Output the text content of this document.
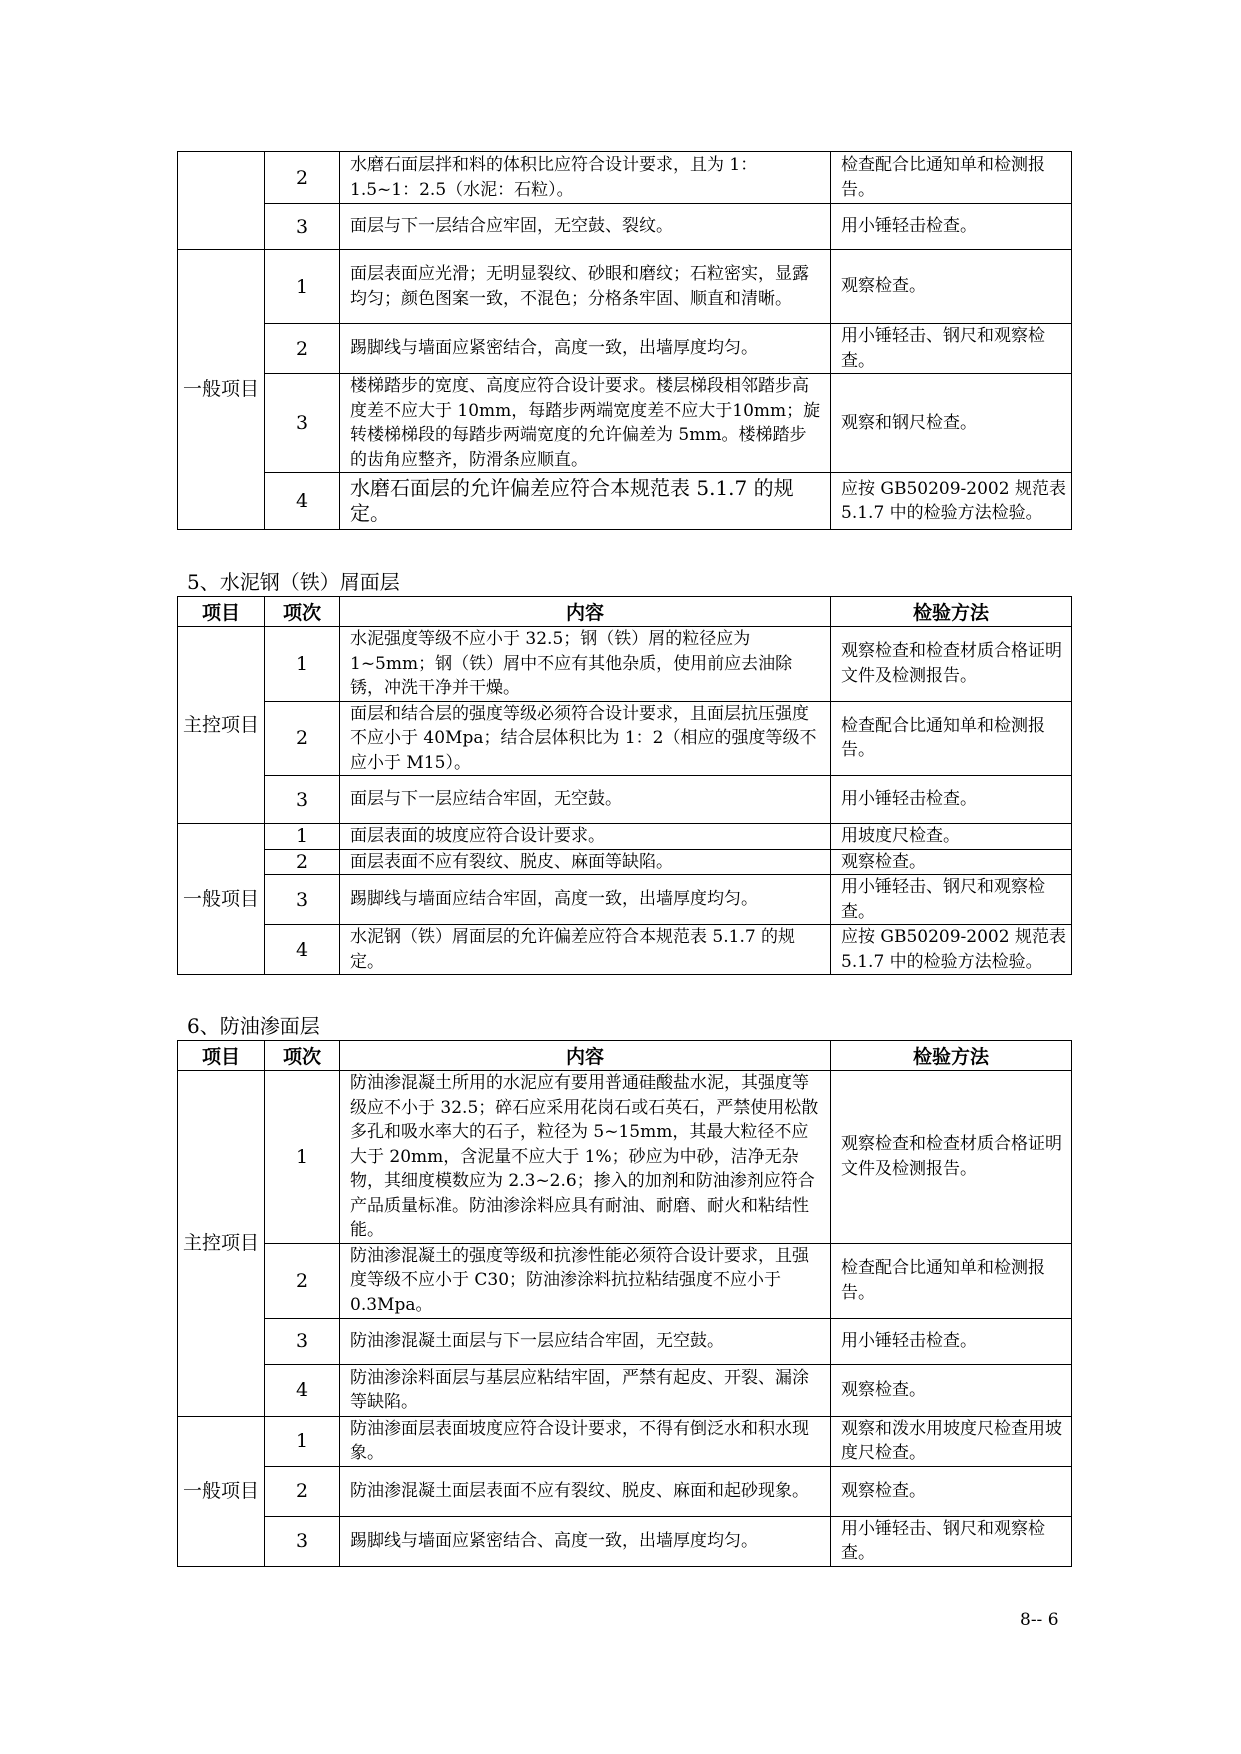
	2	水磨石面层拌和料的体积比应符合设计要求，且为 1：1.5~1：2.5（水泥：石粒）。	检查配合比通知单和检测报告。
	3	面层与下一层结合应牢固，无空鼓、裂纹。	用小锤轻击检查。
一般项目	1	面层表面应光滑；无明显裂纹、砂眼和磨纹；石粒密实，显露均匀；颜色图案一致，不混色；分格条牢固、顺直和清晰。	观察检查。
	2	踢脚线与墙面应紧密结合，高度一致，出墙厚度均匀。	用小锤轻击、钢尺和观察检查。
	3	楼梯踏步的宽度、高度应符合设计要求。楼层梯段相邻踏步高度差不应大于 10mm，每踏步两端宽度差不应大于10mm；旋转楼梯梯段的每踏步两端宽度的允许偏差为 5mm。楼梯踏步的齿角应整齐，防滑条应顺直。	观察和钢尺检查。
	4	水磨石面层的允许偏差应符合本规范表 5.1.7 的规定。	应按 GB50209-2002 规范表 5.1.7 中的检验方法检验。
5、水泥钢（铁）屑面层
项目	项次	内容	检验方法
主控项目	1	水泥强度等级不应小于 32.5；钢（铁）屑的粒径应为1~5mm；钢（铁）屑中不应有其他杂质，使用前应去油除锈，冲洗干净并干燥。	观察检查和检查材质合格证明文件及检测报告。
	2	面层和结合层的强度等级必须符合设计要求，且面层抗压强度不应小于 40Mpa；结合层体积比为 1：2（相应的强度等级不应小于 M15）。	检查配合比通知单和检测报告。
	3	面层与下一层应结合牢固，无空鼓。	用小锤轻击检查。
一般项目	1	面层表面的坡度应符合设计要求。	用坡度尺检查。
	2	面层表面不应有裂纹、脱皮、麻面等缺陷。	观察检查。
	3	踢脚线与墙面应结合牢固，高度一致，出墙厚度均匀。	用小锤轻击、钢尺和观察检查。
	4	水泥钢（铁）屑面层的允许偏差应符合本规范表 5.1.7 的规定。	应按 GB50209-2002 规范表 5.1.7 中的检验方法检验。
6、防油渗面层
项目	项次	内容	检验方法
主控项目	1	防油渗混凝土所用的水泥应有要用普通硅酸盐水泥，其强度等级应不小于 32.5；碎石应采用花岗石或石英石，严禁使用松散多孔和吸水率大的石子，粒径为 5~15mm，其最大粒径不应大于 20mm，含泥量不应大于 1%；砂应为中砂，洁净无杂物，其细度模数应为 2.3~2.6；掺入的加剂和防油渗剂应符合产品质量标准。防油渗涂料应具有耐油、耐磨、耐火和粘结性能。	观察检查和检查材质合格证明文件及检测报告。
	2	防油渗混凝土的强度等级和抗渗性能必须符合设计要求，且强度等级不应小于 C30；防油渗涂料抗拉粘结强度不应小于 0.3Mpa。	检查配合比通知单和检测报告。
	3	防油渗混凝土面层与下一层应结合牢固，无空鼓。	用小锤轻击检查。
	4	防油渗涂料面层与基层应粘结牢固，严禁有起皮、开裂、漏涂等缺陷。	观察检查。
一般项目	1	防油渗面层表面坡度应符合设计要求，不得有倒泛水和积水现象。	观察和泼水用坡度尺检查用坡度尺检查。
	2	防油渗混凝土面层表面不应有裂纹、脱皮、麻面和起砂现象。	观察检查。
	3	踢脚线与墙面应紧密结合、高度一致，出墙厚度均匀。	用小锤轻击、钢尺和观察检查。
8-- 6
